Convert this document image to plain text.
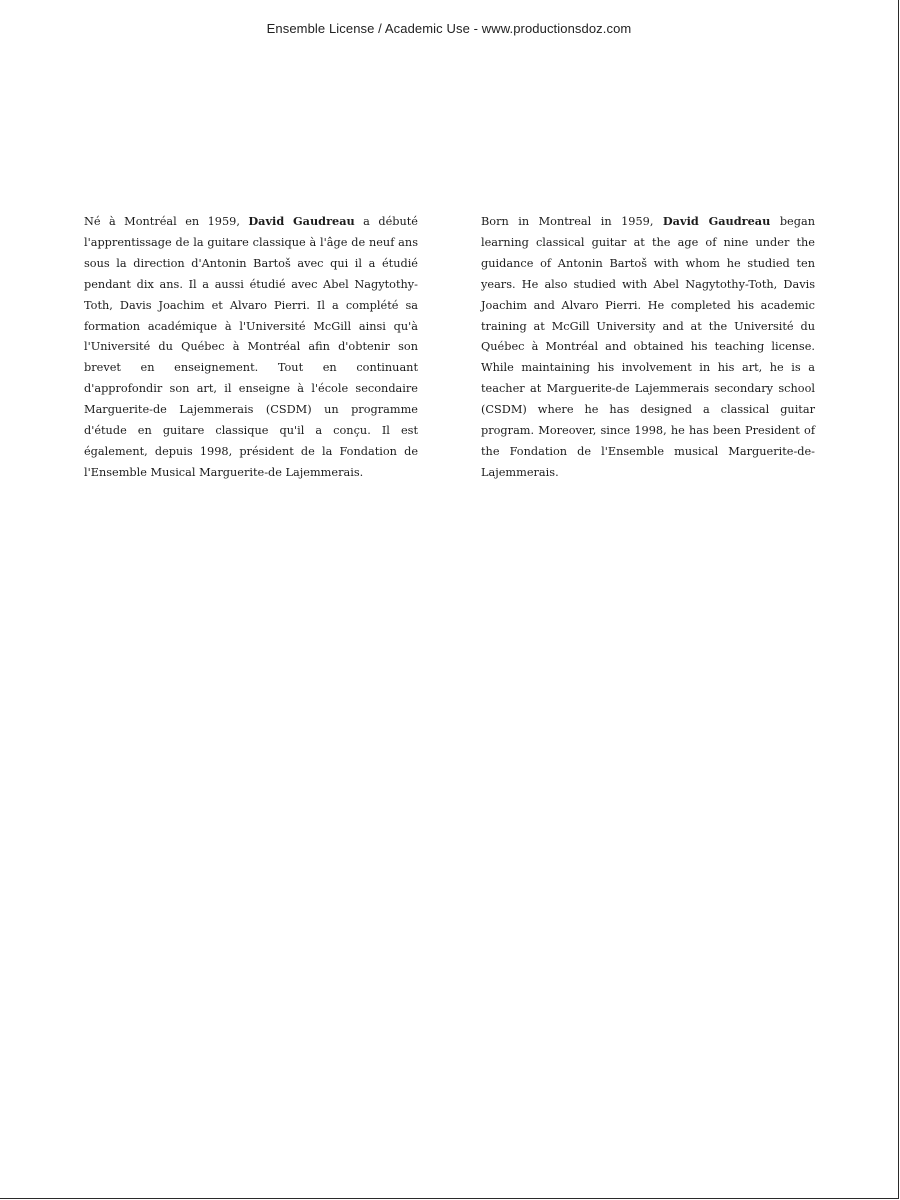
Ensemble License / Academic Use - www.productionsdoz.com
Né à Montréal en 1959, David Gaudreau a débuté l'apprentissage de la guitare classique à l'âge de neuf ans sous la direction d'Antonin Bartoš avec qui il a étudié pendant dix ans. Il a aussi étudié avec Abel Nagytothy-Toth, Davis Joachim et Alvaro Pierri. Il a complété sa formation académique à l'Université McGill ainsi qu'à l'Université du Québec à Montréal afin d'obtenir son brevet en enseignement. Tout en continuant d'approfondir son art, il enseigne à l'école secondaire Marguerite-de Lajemmerais (CSDM) un programme d'étude en guitare classique qu'il a conçu. Il est également, depuis 1998, président de la Fondation de l'Ensemble Musical Marguerite-de Lajemmerais.
Born in Montreal in 1959, David Gaudreau began learning classical guitar at the age of nine under the guidance of Antonin Bartoš with whom he studied ten years. He also studied with Abel Nagytothy-Toth, Davis Joachim and Alvaro Pierri. He completed his academic training at McGill University and at the Université du Québec à Montréal and obtained his teaching license. While maintaining his involvement in his art, he is a teacher at Marguerite-de Lajemmerais secondary school (CSDM) where he has designed a classical guitar program. Moreover, since 1998, he has been President of the Fondation de l'Ensemble musical Marguerite-de-Lajemmerais.
